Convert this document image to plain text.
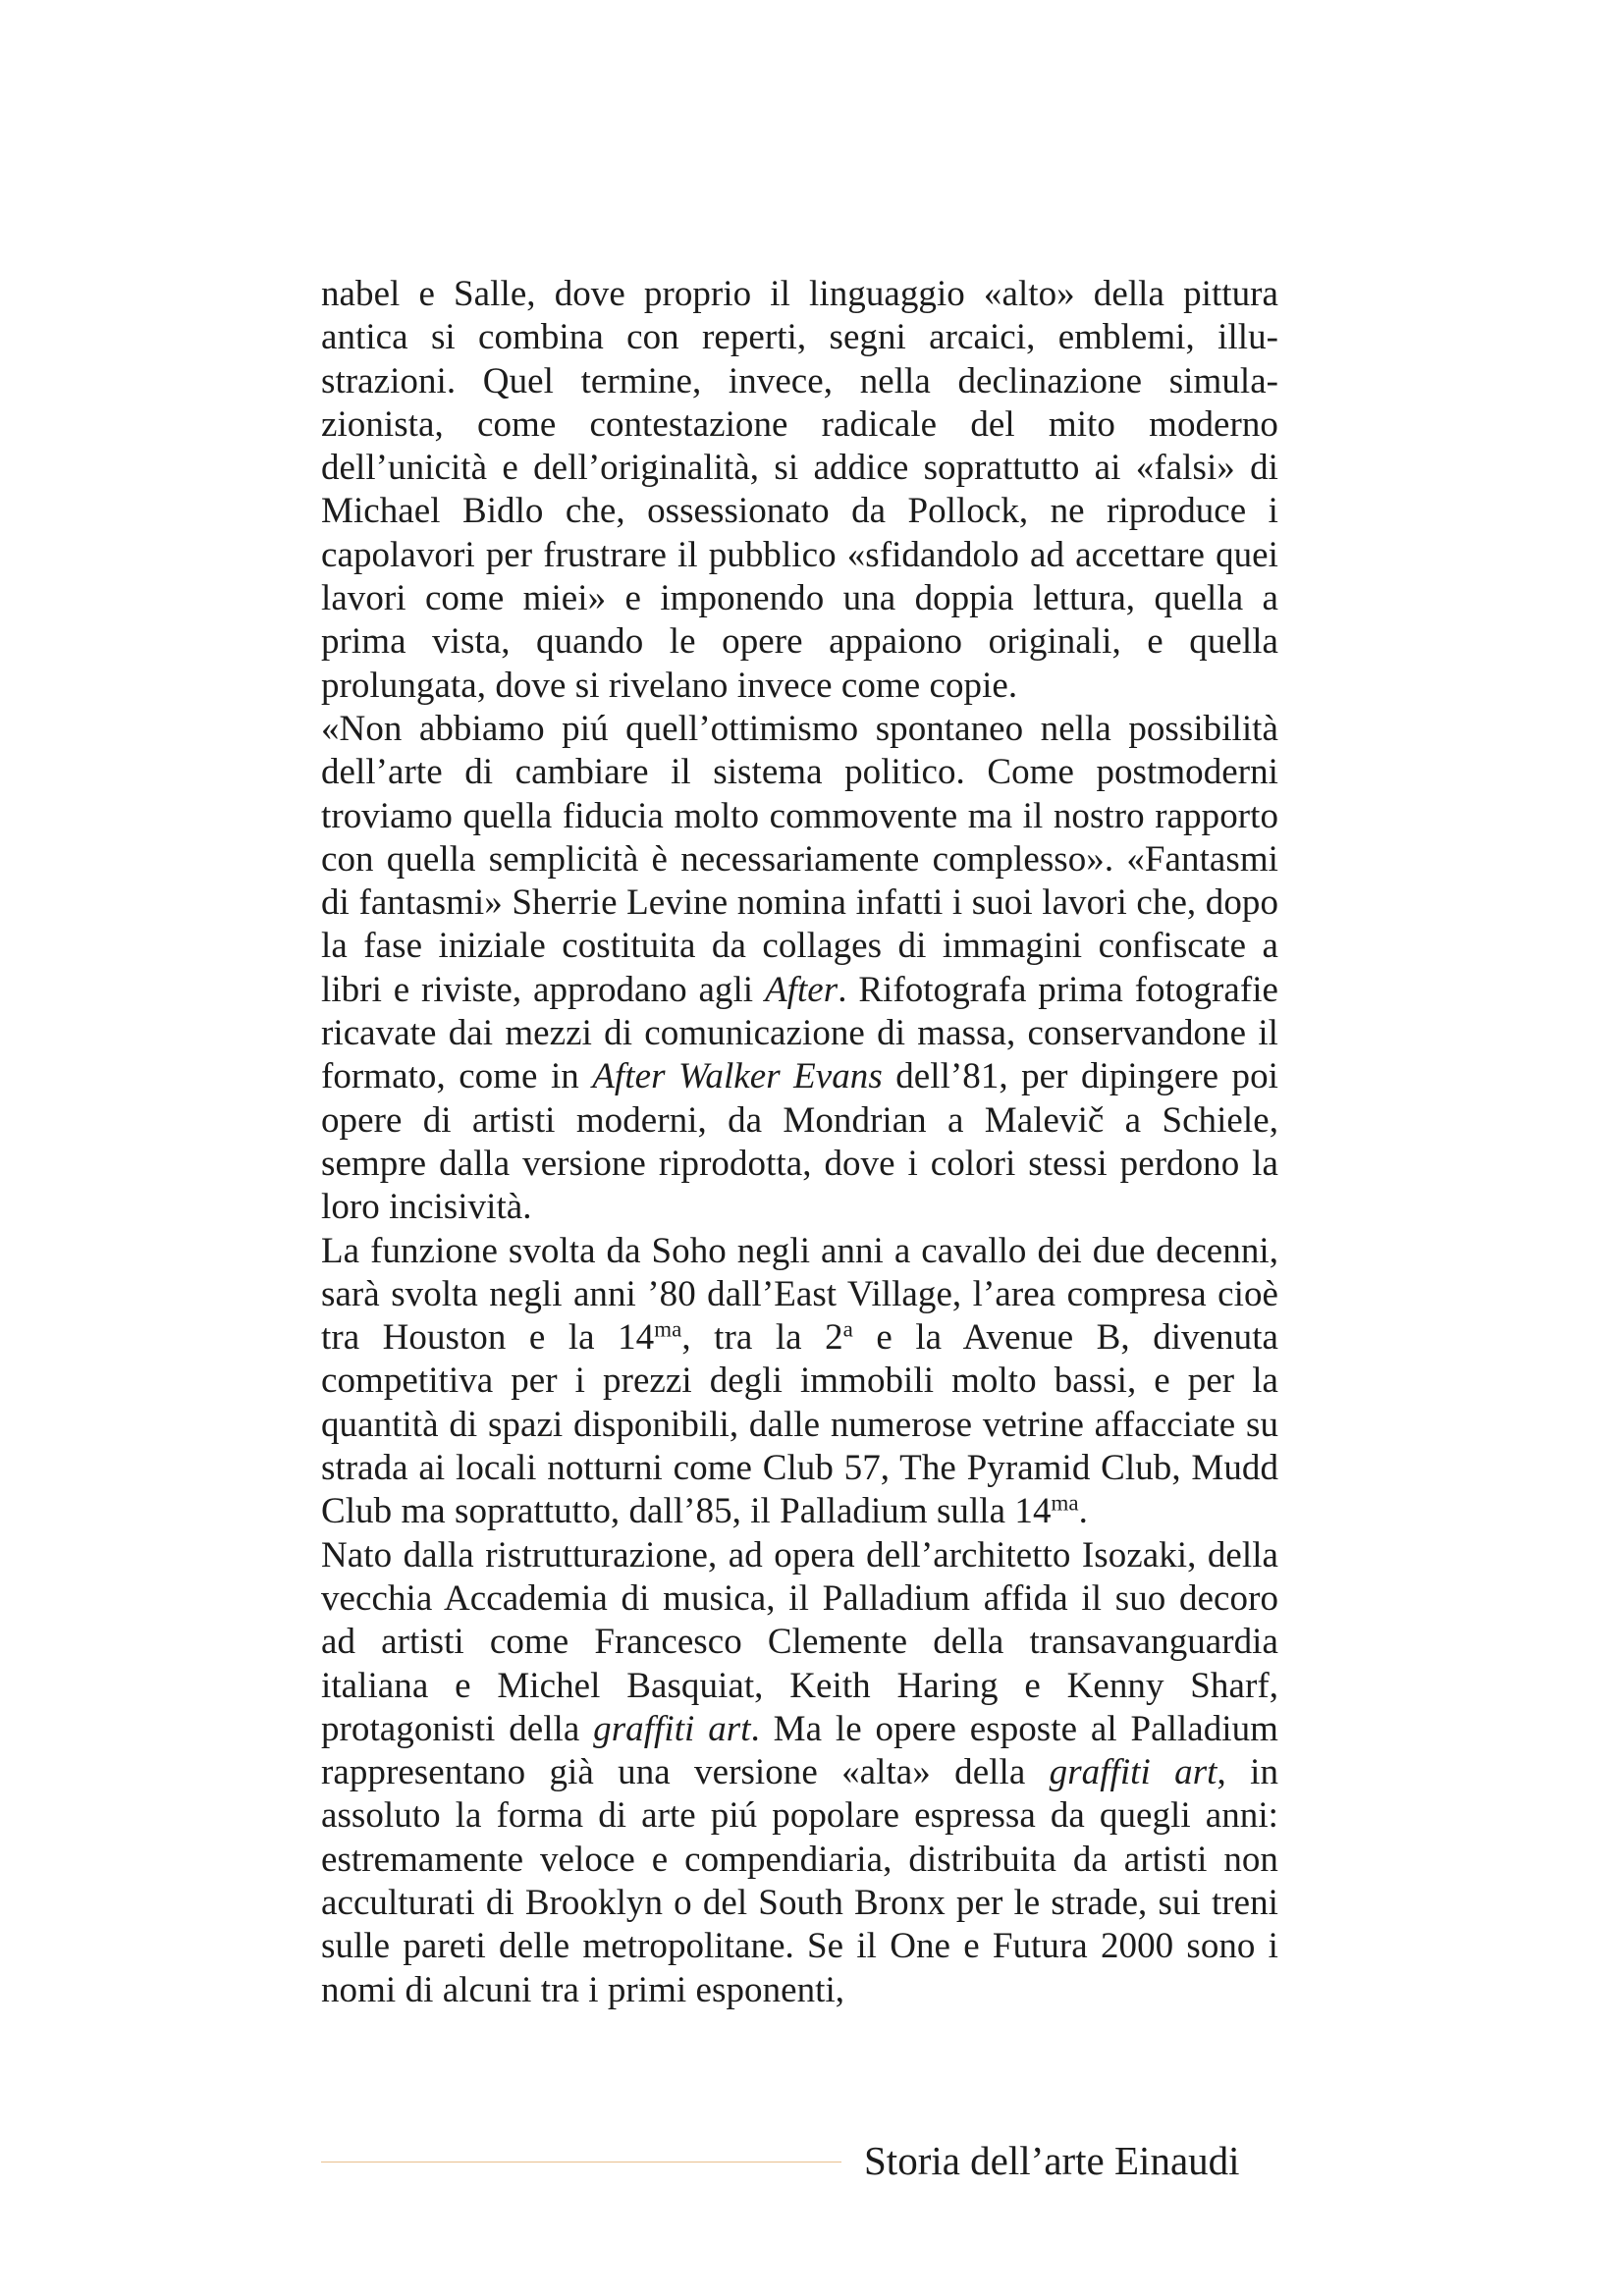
nabel e Salle, dove proprio il linguaggio «alto» della pittura antica si combina con reperti, segni arcaici, emblemi, illustrazioni. Quel termine, invece, nella declinazione simulazionista, come contestazione radicale del mito moderno dell’unicità e dell’originalità, si addice soprattutto ai «falsi» di Michael Bidlo che, ossessionato da Pollock, ne riproduce i capolavori per frustrare il pubblico «sfidandolo ad accettare quei lavori come miei» e imponendo una doppia lettura, quella a prima vista, quando le opere appaiono originali, e quella prolungata, dove si rivelano invece come copie.

«Non abbiamo piú quell’ottimismo spontaneo nella possibilità dell’arte di cambiare il sistema politico. Come postmoderni troviamo quella fiducia molto commovente ma il nostro rapporto con quella semplicità è necessariamente complesso». «Fantasmi di fantasmi» Sherrie Levine nomina infatti i suoi lavori che, dopo la fase iniziale costituita da collages di immagini confiscate a libri e riviste, approdano agli After. Rifotografa prima fotografie ricavate dai mezzi di comunicazione di massa, conservandone il formato, come in After Walker Evans dell’81, per dipingere poi opere di artisti moderni, da Mondrian a Malevič a Schiele, sempre dalla versione riprodotta, dove i colori stessi perdono la loro incisività.

La funzione svolta da Soho negli anni a cavallo dei due decenni, sarà svolta negli anni ’80 dall’East Village, l’area compresa cioè tra Houston e la $14^{ma}$, tra la 2$^a$ e la Avenue B, divenuta competitiva per i prezzi degli immobili molto bassi, e per la quantità di spazi disponibili, dalle numerose vetrine affacciate su strada ai locali notturni come Club 57, The Pyramid Club, Mudd Club ma soprattutto, dall’85, il Palladium sulla $14^{ma}$.

Nato dalla ristrutturazione, ad opera dell’architetto Isozaki, della vecchia Accademia di musica, il Palladium affida il suo decoro ad artisti come Francesco Clemente della transavanguardia italiana e Michel Basquiat, Keith Haring e Kenny Sharf, protagonisti della graffiti art. Ma le opere esposte al Palladium rappresentano già una versione «alta» della graffiti art, in assoluto la forma di arte piú popolare espressa da quegli anni: estremamente veloce e compendiaria, distribuita da artisti non acculturati di Brooklyn o del South Bronx per le strade, sui treni sulle pareti delle metropolitane. Se il One e Futura 2000 sono i nomi di alcuni tra i primi esponenti,

Storia dell’arte Einaudi
